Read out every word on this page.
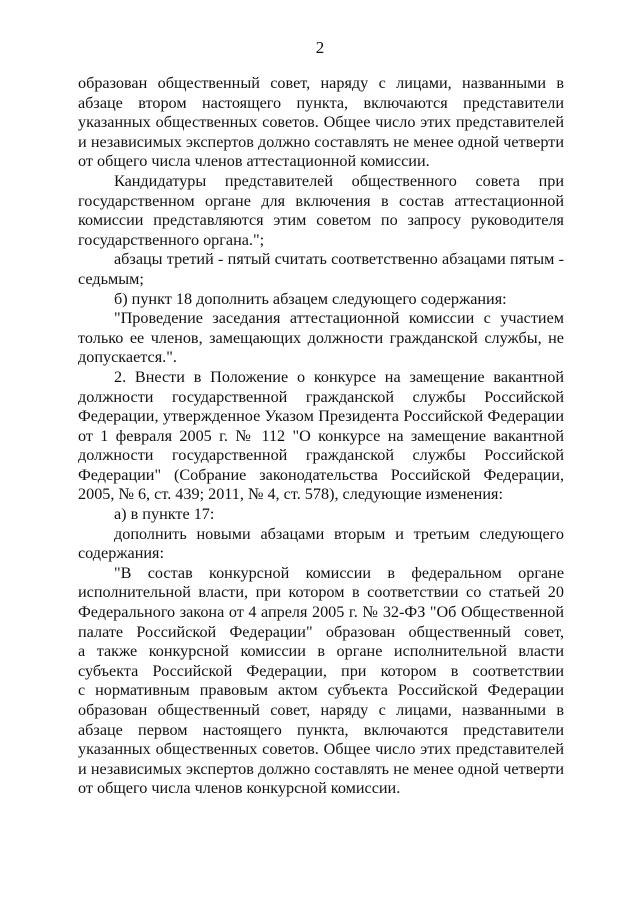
2
образован общественный совет, наряду с лицами, названными в
абзаце втором настоящего пункта, включаются представители
указанных общественных советов. Общее число этих представителей
и независимых экспертов должно составлять не менее одной четверти
от общего числа членов аттестационной комиссии.
Кандидатуры представителей общественного совета при
государственном органе для включения в состав аттестационной
комиссии представляются этим советом по запросу руководителя
государственного органа.";
абзацы третий - пятый считать соответственно абзацами пятым -
седьмым;
б) пункт 18 дополнить абзацем следующего содержания:
"Проведение заседания аттестационной комиссии с участием
только ее членов, замещающих должности гражданской службы, не
допускается.".
2. Внести в Положение о конкурсе на замещение вакантной
должности государственной гражданской службы Российской
Федерации, утвержденное Указом Президента Российской Федерации
от 1 февраля 2005 г. № 112 "О конкурсе на замещение вакантной
должности государственной гражданской службы Российской
Федерации" (Собрание законодательства Российской Федерации,
2005, № 6, ст. 439; 2011, № 4, ст. 578), следующие изменения:
а) в пункте 17:
дополнить новыми абзацами вторым и третьим следующего
содержания:
"В состав конкурсной комиссии в федеральном органе
исполнительной власти, при котором в соответствии со статьей 20
Федерального закона от 4 апреля 2005 г. № 32-ФЗ "Об Общественной
палате Российской Федерации" образован общественный совет,
а также конкурсной комиссии в органе исполнительной власти
субъекта Российской Федерации, при котором в соответствии
с нормативным правовым актом субъекта Российской Федерации
образован общественный совет, наряду с лицами, названными в
абзаце первом настоящего пункта, включаются представители
указанных общественных советов. Общее число этих представителей
и независимых экспертов должно составлять не менее одной четверти
от общего числа членов конкурсной комиссии.
